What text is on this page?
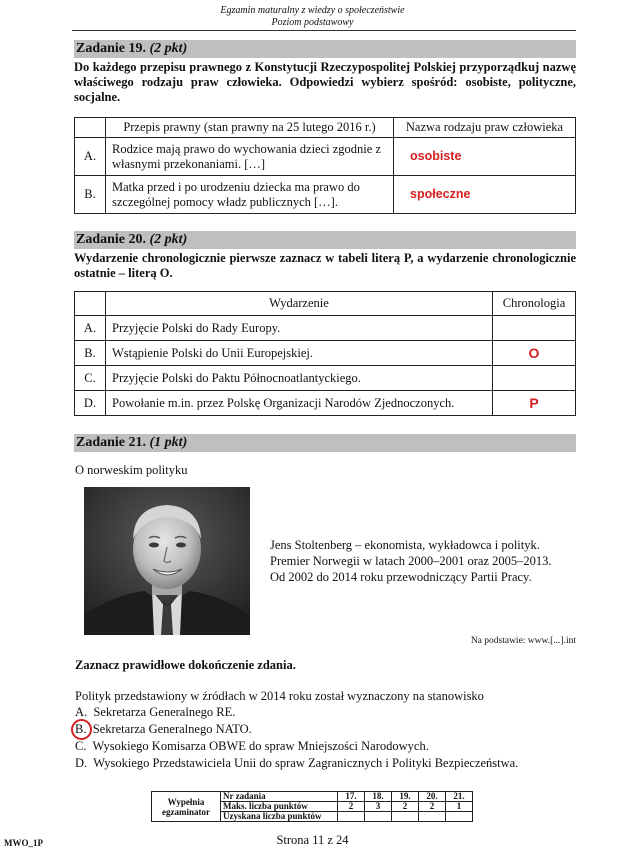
Egzamin maturalny z wiedzy o społeczeństwie
Poziom podstawowy
Zadanie 19. (2 pkt)
Do każdego przepisu prawnego z Konstytucji Rzeczypospolitej Polskiej przyporządkuj nazwę właściwego rodzaju praw człowieka. Odpowiedzi wybierz spośród: osobiste, polityczne, socjalne.
	Przepis prawny (stan prawny na 25 lutego 2016 r.)	Nazwa rodzaju praw człowieka
A.	Rodzice mają prawo do wychowania dzieci zgodnie z własnymi przekonaniami. […]	osobiste
B.	Matka przed i po urodzeniu dziecka ma prawo do szczególnej pomocy władz publicznych […].	społeczne
Zadanie 20. (2 pkt)
Wydarzenie chronologicznie pierwsze zaznacz w tabeli literą P, a wydarzenie chronologicznie ostatnie – literą O.
	Wydarzenie	Chronologia
A.	Przyjęcie Polski do Rady Europy.	
B.	Wstąpienie Polski do Unii Europejskiej.	O
C.	Przyjęcie Polski do Paktu Północnoatlantyckiego.	
D.	Powołanie m.in. przez Polskę Organizacji Narodów Zjednoczonych.	P
Zadanie 21. (1 pkt)
O norweskim polityku
Jens Stoltenberg – ekonomista, wykładowca i polityk.
Premier Norwegii w latach 2000–2001 oraz 2005–2013.
Od 2002 do 2014 roku przewodniczący Partii Pracy.
Na podstawie: www.[...].int
Zaznacz prawidłowe dokończenie zdania.
Polityk przedstawiony w źródłach w 2014 roku został wyznaczony na stanowisko
A. Sekretarza Generalnego RE.
B. Sekretarza Generalnego NATO.
C. Wysokiego Komisarza OBWE do spraw Mniejszości Narodowych.
D. Wysokiego Przedstawiciela Unii do spraw Zagranicznych i Polityki Bezpieczeństwa.
Wypełnia
egzaminator	Nr zadania	17.	18.	19.	20.	21.
	Maks. liczba punktów	2	3	2	2	1
	Uzyskana liczba punktów					
MWO_1P	Strona 11 z 24
